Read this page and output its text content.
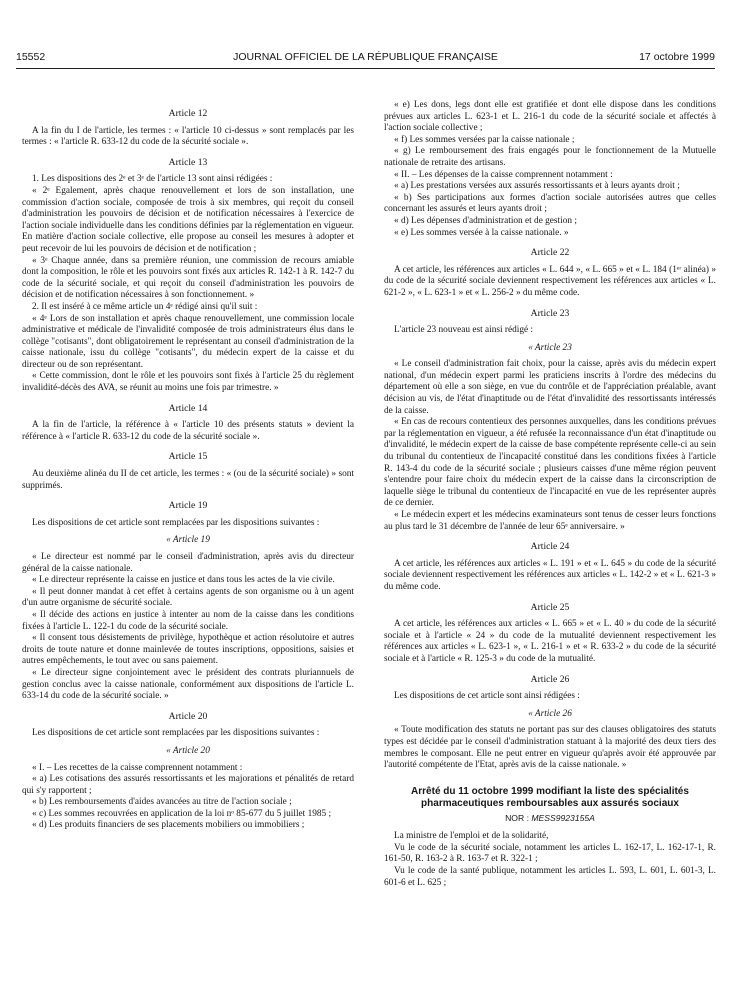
15552	JOURNAL OFFICIEL DE LA RÉPUBLIQUE FRANÇAISE	17 octobre 1999
Article 12

A la fin du I de l'article, les termes : « l'article 10 ci-dessus » sont remplacés par les termes : « l'article R. 633-12 du code de la sécurité sociale ».

Article 13

1. Les dispositions des 2ᵉ et 3ᵉ de l'article 13 sont ainsi rédigées :

« 2ᵉ Egalement, après chaque renouvellement et lors de son installation, une commission d'action sociale, composée de trois à six membres, qui reçoit du conseil d'administration les pouvoirs de décision et de notification nécessaires à l'exercice de l'action sociale individuelle dans les conditions définies par la réglementation en vigueur. En matière d'action sociale collective, elle propose au conseil les mesures à adopter et peut recevoir de lui les pouvoirs de décision et de notification ;

« 3ᵉ Chaque année, dans sa première réunion, une commission de recours amiable dont la composition, le rôle et les pouvoirs sont fixés aux articles R. 142-1 à R. 142-7 du code de la sécurité sociale, et qui reçoit du conseil d'administration les pouvoirs de décision et de notification nécessaires à son fonctionnement. »

2. Il est inséré à ce même article un 4ᵉ rédigé ainsi qu'il suit :

« 4ᵉ Lors de son installation et après chaque renouvellement, une commission locale administrative et médicale de l'invalidité composée de trois administrateurs élus dans le collège "cotisants", dont obligatoirement le représentant au conseil d'administration de la caisse nationale, issu du collège "cotisants", du médecin expert de la caisse et du directeur ou de son représentant.

« Cette commission, dont le rôle et les pouvoirs sont fixés à l'article 25 du règlement invalidité-décès des AVA, se réunit au moins une fois par trimestre. »

Article 14

A la fin de l'article, la référence à « l'article 10 des présents statuts » devient la référence à « l'article R. 633-12 du code de la sécurité sociale ».

Article 15

Au deuxième alinéa du II de cet article, les termes : « (ou de la sécurité sociale) » sont supprimés.

Article 19

Les dispositions de cet article sont remplacées par les dispositions suivantes :

« Article 19

« Le directeur est nommé par le conseil d'administration, après avis du directeur général de la caisse nationale.

« Le directeur représente la caisse en justice et dans tous les actes de la vie civile.

« Il peut donner mandat à cet effet à certains agents de son organisme ou à un agent d'un autre organisme de sécurité sociale.

« Il décide des actions en justice à intenter au nom de la caisse dans les conditions fixées à l'article L. 122-1 du code de la sécurité sociale.

« Il consent tous désistements de privilège, hypothèque et action résolutoire et autres droits de toute nature et donne mainlevée de toutes inscriptions, oppositions, saisies et autres empêchements, le tout avec ou sans paiement.

« Le directeur signe conjointement avec le président des contrats pluriannuels de gestion conclus avec la caisse nationale, conformément aux dispositions de l'article L. 633-14 du code de la sécurité sociale. »

Article 20

Les dispositions de cet article sont remplacées par les dispositions suivantes :

« Article 20

« I. – Les recettes de la caisse comprennent notamment :

« a) Les cotisations des assurés ressortissants et les majorations et pénalités de retard qui s'y rapportent ;

« b) Les remboursements d'aides avancées au titre de l'action sociale ;

« c) Les sommes recouvrées en application de la loi nᵒ 85-677 du 5 juillet 1985 ;

« d) Les produits financiers de ses placements mobiliers ou immobiliers ;

« e) Les dons, legs dont elle est gratifiée et dont elle dispose dans les conditions prévues aux articles L. 623-1 et L. 216-1 du code de la sécurité sociale et affectés à l'action sociale collective ;

« f) Les sommes versées par la caisse nationale ;

« g) Le remboursement des frais engagés pour le fonctionnement de la Mutuelle nationale de retraite des artisans.

« II. – Les dépenses de la caisse comprennent notamment :

« a) Les prestations versées aux assurés ressortissants et à leurs ayants droit ;

« b) Ses participations aux formes d'action sociale autorisées autres que celles concernant les assurés et leurs ayants droit ;

« d) Les dépenses d'administration et de gestion ;

« e) Les sommes versée à la caisse nationale. »

Article 22

A cet article, les références aux articles « L. 644 », « L. 665 » et « L. 184 (1ᵉʳ alinéa) » du code de la sécurité sociale deviennent respectivement les références aux articles « L. 621-2 », « L. 623-1 » et « L. 256-2 » du même code.

Article 23

L'article 23 nouveau est ainsi rédigé :

« Article 23

« Le conseil d'administration fait choix, pour la caisse, après avis du médecin expert national, d'un médecin expert parmi les praticiens inscrits à l'ordre des médecins du département où elle a son siège, en vue du contrôle et de l'appréciation préalable, avant décision au vis, de l'état d'inaptitude ou de l'état d'invalidité des ressortissants intéressés de la caisse.

« En cas de recours contentieux des personnes auxquelles, dans les conditions prévues par la réglementation en vigueur, a été refusée la reconnaissance d'un état d'inaptitude ou d'invalidité, le médecin expert de la caisse de base compétente représente celle-ci au sein du tribunal du contentieux de l'incapacité constitué dans les conditions fixées à l'article R. 143-4 du code de la sécurité sociale ; plusieurs caisses d'une même région peuvent s'entendre pour faire choix du médecin expert de la caisse dans la circonscription de laquelle siège le tribunal du contentieux de l'incapacité en vue de les représenter auprès de ce dernier.

« Le médecin expert et les médecins examinateurs sont tenus de cesser leurs fonctions au plus tard le 31 décembre de l'année de leur 65ᵉ anniversaire. »

Article 24

A cet article, les références aux articles « L. 191 » et « L. 645 » du code de la sécurité sociale deviennent respectivement les références aux articles « L. 142-2 » et « L. 621-3 » du même code.

Article 25

A cet article, les références aux articles « L. 665 » et « L. 40 » du code de la sécurité sociale et à l'article « 24 » du code de la mutualité deviennent respectivement les références aux articles « L. 623-1 », « L. 216-1 » et « R. 633-2 » du code de la sécurité sociale et à l'article « R. 125-3 » du code de la mutualité.

Article 26

Les dispositions de cet article sont ainsi rédigées :

« Article 26

« Toute modification des statuts ne portant pas sur des clauses obligatoires des statuts types est décidée par le conseil d'administration statuant à la majorité des deux tiers des membres le composant. Elle ne peut entrer en vigueur qu'après avoir été approuvée par l'autorité compétente de l'Etat, après avis de la caisse nationale. »

Arrêté du 11 octobre 1999 modifiant la liste des spécialités pharmaceutiques remboursables aux assurés sociaux
NOR : MESS9923155A

La ministre de l'emploi et de la solidarité,

Vu le code de la sécurité sociale, notamment les articles L. 162-17, L. 162-17-1, R. 161-50, R. 163-2 à R. 163-7 et R. 322-1 ;

Vu le code de la santé publique, notamment les articles L. 593, L. 601, L. 601-3, L. 601-6 et L. 625 ;
